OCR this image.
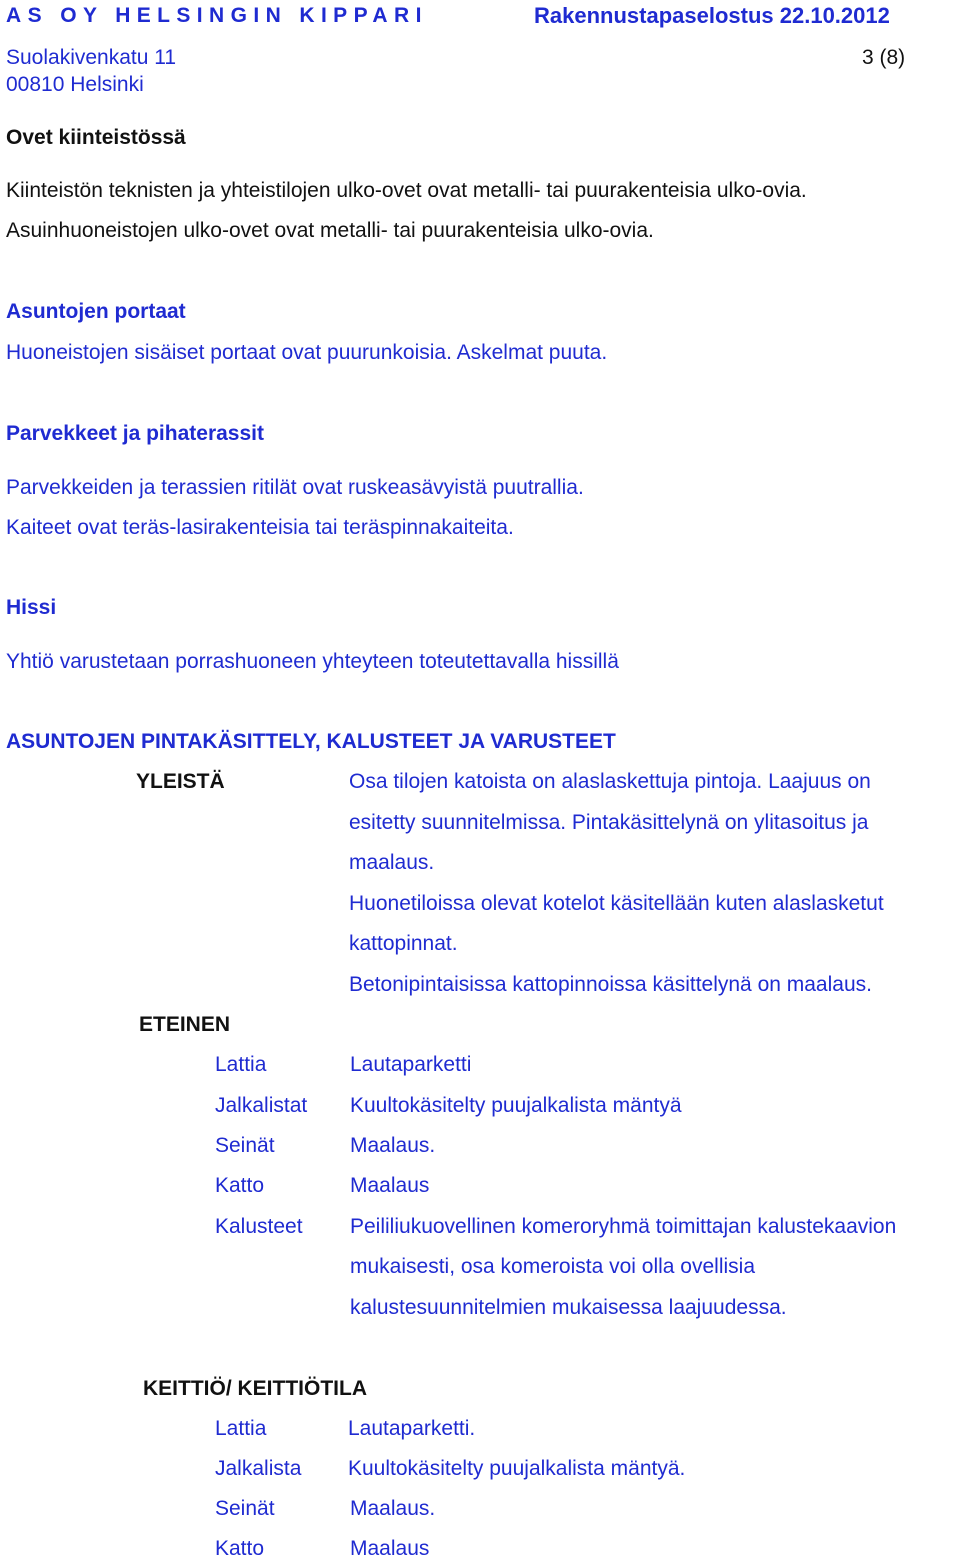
AS OY HELSINGIN KIPPARI	Rakennustapaselostus 22.10.2012
Suolakivenkatu 11	3 (8)
00810 Helsinki
Ovet kiinteistössä
Kiinteistön teknisten ja yhteistilojen ulko-ovet ovat metalli- tai puurakenteisia ulko-ovia.
Asuinhuoneistojen ulko-ovet ovat metalli- tai puurakenteisia ulko-ovia.
Asuntojen portaat
Huoneistojen sisäiset portaat ovat puurunkoisia. Askelmat puuta.
Parvekkeet ja pihaterassit
Parvekkeiden ja terassien ritilät ovat ruskeasävyistä puutrallia.
Kaiteet ovat teräs-lasirakenteisia tai teräspinnakaiteita.
Hissi
Yhtiö varustetaan porrashuoneen yhteyteen toteutettavalla hissillä
ASUNTOJEN PINTAKÄSITTELY, KALUSTEET JA VARUSTEET
YLEISTÄ	Osa tilojen katoista on alaslaskettuja pintoja. Laajuus on
esitetty suunnitelmissa. Pintakäsittelynä on ylitasoitus ja
maalaus.
Huonetiloissa olevat kotelot käsitellään kuten alaslasketut
kattopinnat.
Betonipintaisissa kattopinnoissa käsittelynä on maalaus.
ETEINEN
Lattia	Lautaparketti
Jalkalistat Kuultokäsitelty puujalkalista mäntyä
Seinät	Maalaus.
Katto	Maalaus
Kalusteet Peililiukuovellinen komeroryhmä toimittajan kalustekaavion
mukaisesti, osa komeroista voi olla ovellisia
kalustesuunnitelmien mukaisessa laajuudessa.
KEITTIÖ/ KEITTIÖTILA
Lattia	Lautaparketti.
Jalkalista Kuultokäsitelty puujalkalista mäntyä.
Seinät	Maalaus.
Katto	Maalaus
